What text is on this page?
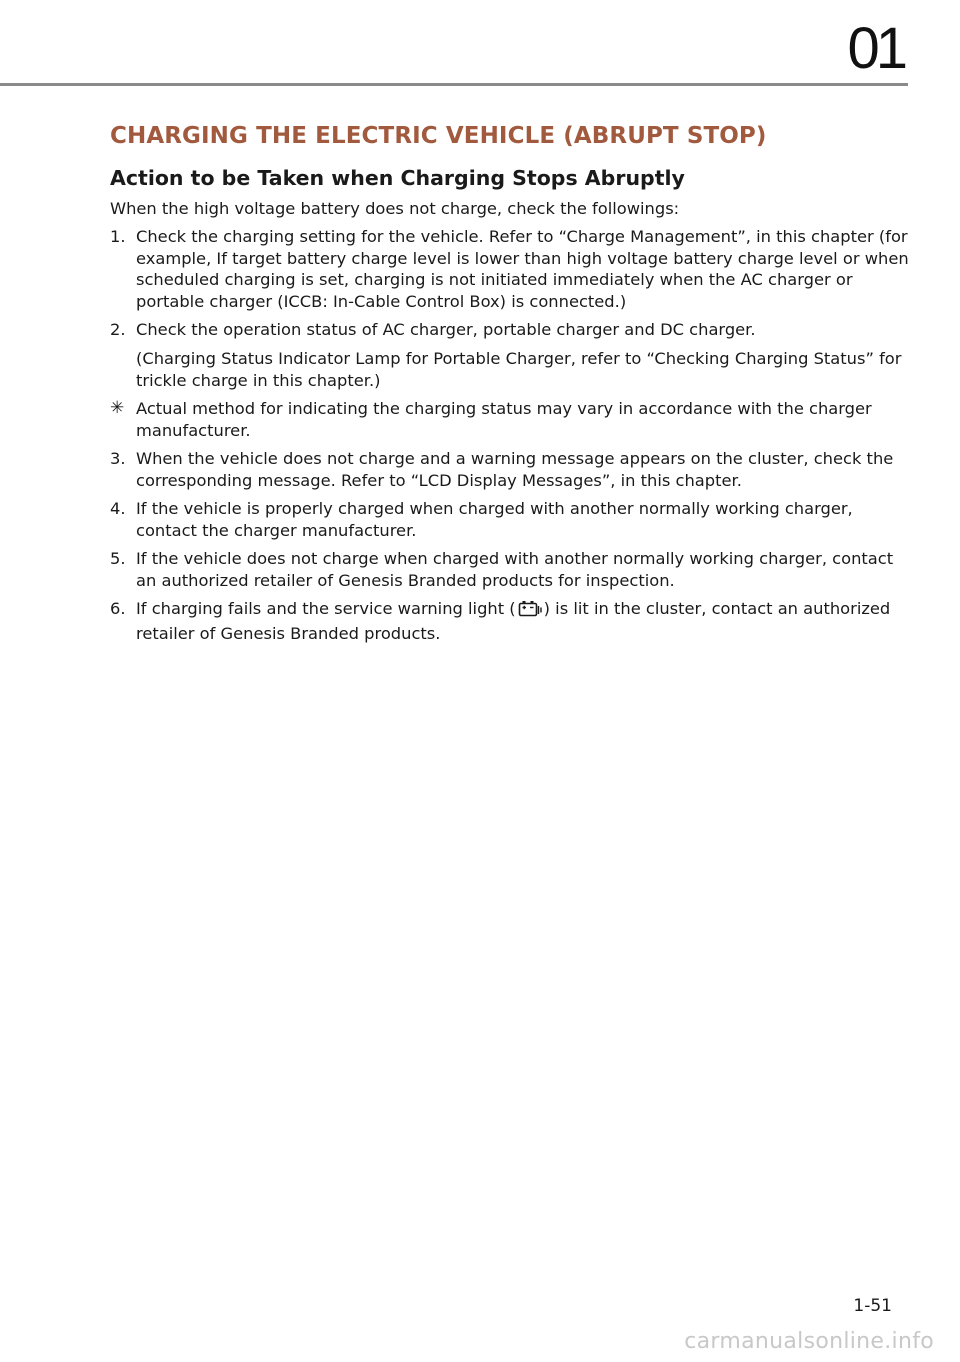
01
CHARGING THE ELECTRIC VEHICLE (ABRUPT STOP)
Action to be Taken when Charging Stops Abruptly

When the high voltage battery does not charge, check the followings:

1. Check the charging setting for the vehicle. Refer to “Charge Management”, in this chapter (for example, If target battery charge level is lower than high voltage battery charge level or when scheduled charging is set, charging is not initiated immediately when the AC charger or portable charger (ICCB: In-Cable Control Box) is connected.)
2. Check the operation status of AC charger, portable charger and DC charger.
(Charging Status Indicator Lamp for Portable Charger, refer to “Checking Charging Status” for trickle charge in this chapter.)
✳ Actual method for indicating the charging status may vary in accordance with the charger manufacturer.
3. When the vehicle does not charge and a warning message appears on the cluster, check the corresponding message. Refer to “LCD Display Messages”, in this chapter.
4. If the vehicle is properly charged when charged with another normally working charger, contact the charger manufacturer.
5. If the vehicle does not charge when charged with another normally working charger, contact an authorized retailer of Genesis Branded products for inspection.
6. If charging fails and the service warning light ( ) is lit in the cluster, contact an authorized retailer of Genesis Branded products.
1-51
carmanualsonline.info
